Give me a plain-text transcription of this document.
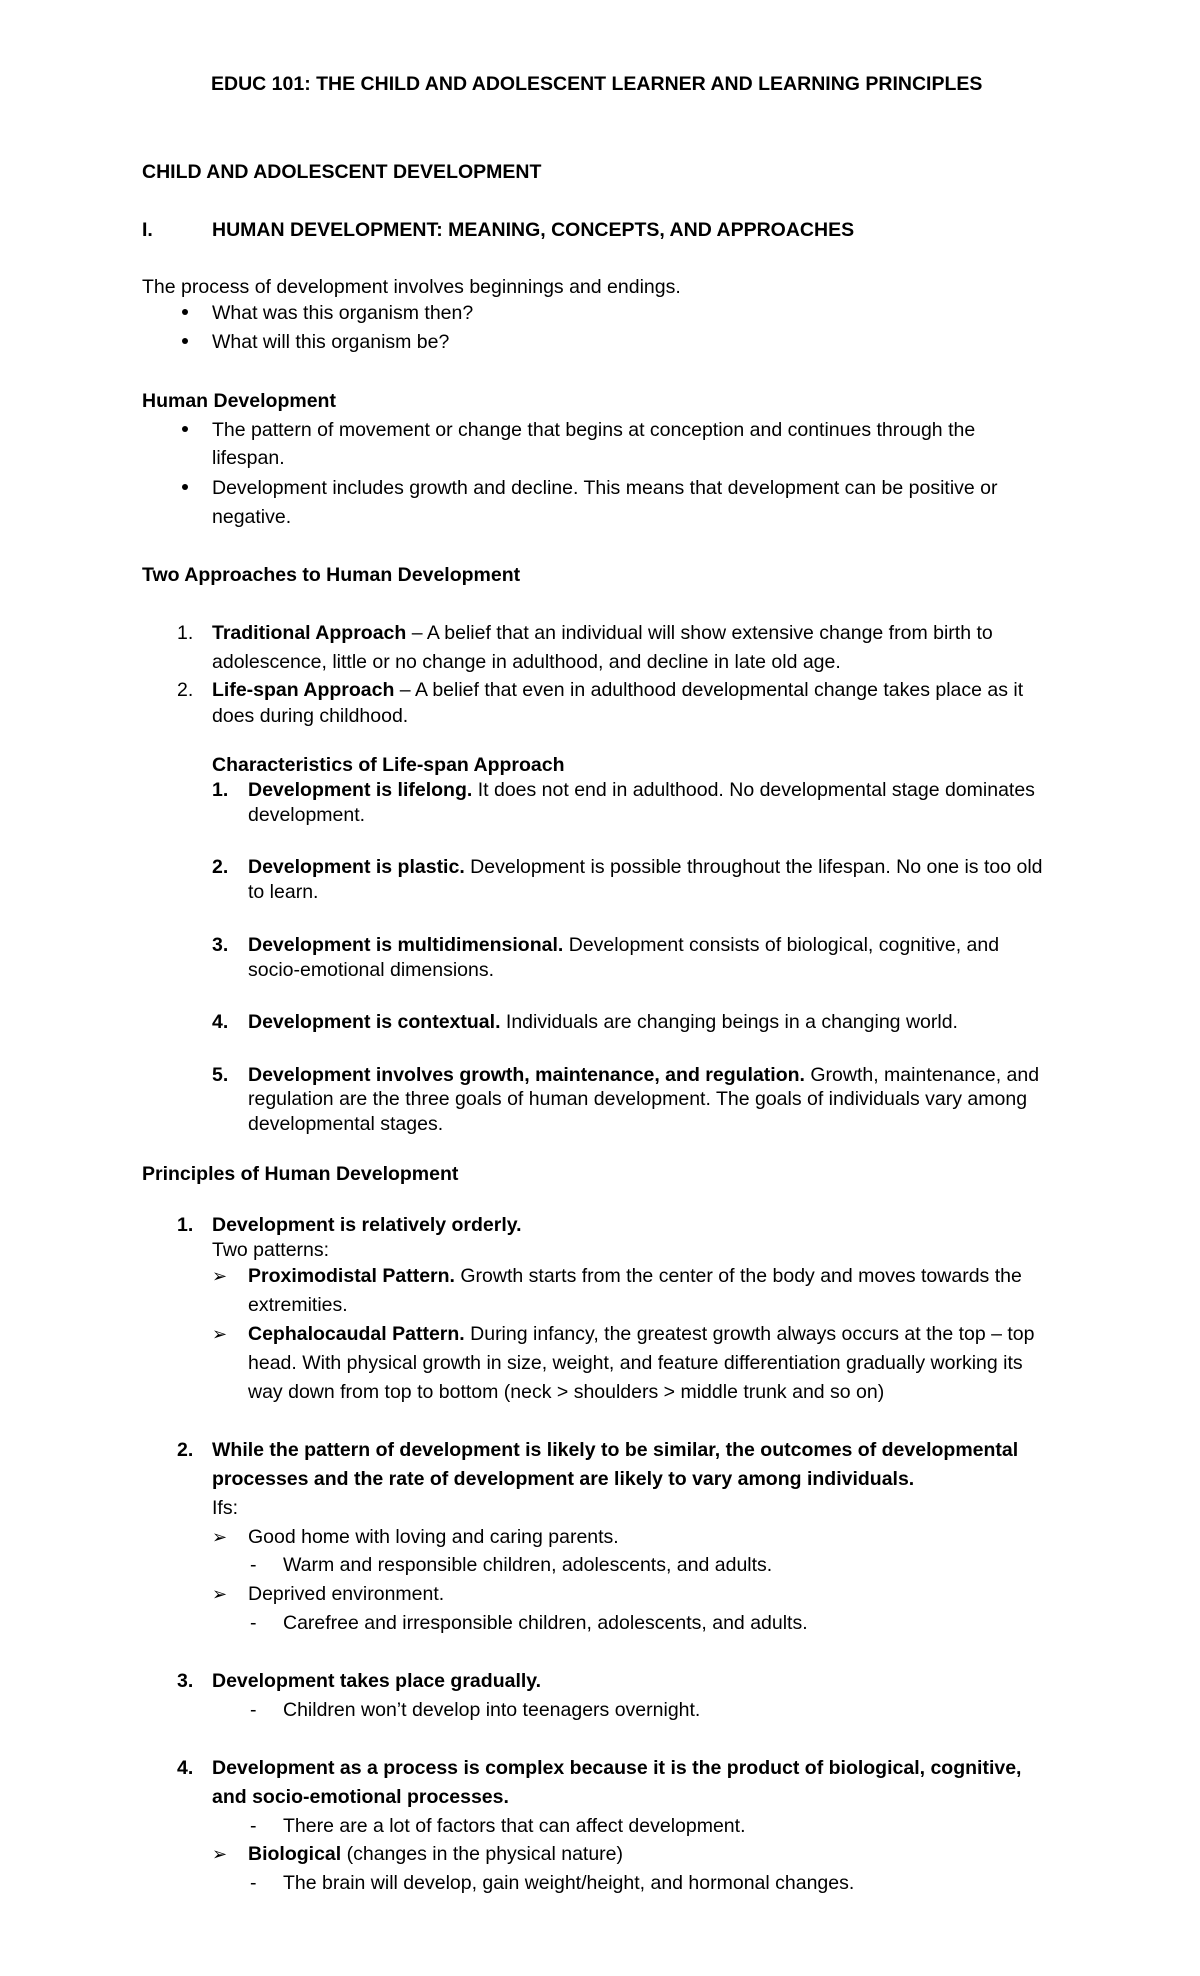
EDUC 101: THE CHILD AND ADOLESCENT LEARNER AND LEARNING PRINCIPLES
CHILD AND ADOLESCENT DEVELOPMENT
I.	HUMAN DEVELOPMENT: MEANING, CONCEPTS, AND APPROACHES
The process of development involves beginnings and endings.
What was this organism then?
What will this organism be?
Human Development
The pattern of movement or change that begins at conception and continues through the
lifespan.
Development includes growth and decline. This means that development can be positive or
negative.
Two Approaches to Human Development
1. Traditional Approach – A belief that an individual will show extensive change from birth to
adolescence, little or no change in adulthood, and decline in late old age.
2. Life-span Approach – A belief that even in adulthood developmental change takes place as it
does during childhood.
Characteristics of Life-span Approach
1. Development is lifelong. It does not end in adulthood. No developmental stage dominates
development.
2. Development is plastic. Development is possible throughout the lifespan. No one is too old
to learn.
3. Development is multidimensional. Development consists of biological, cognitive, and
socio-emotional dimensions.
4. Development is contextual. Individuals are changing beings in a changing world.
5. Development involves growth, maintenance, and regulation. Growth, maintenance, and
regulation are the three goals of human development. The goals of individuals vary among
developmental stages.
Principles of Human Development
1. Development is relatively orderly.
Two patterns:
➢ Proximodistal Pattern. Growth starts from the center of the body and moves towards the
extremities.
➢ Cephalocaudal Pattern. During infancy, the greatest growth always occurs at the top – top
head. With physical growth in size, weight, and feature differentiation gradually working its
way down from top to bottom (neck > shoulders > middle trunk and so on)
2. While the pattern of development is likely to be similar, the outcomes of developmental
processes and the rate of development are likely to vary among individuals.
Ifs:
➢ Good home with loving and caring parents.
- Warm and responsible children, adolescents, and adults.
➢ Deprived environment.
- Carefree and irresponsible children, adolescents, and adults.
3. Development takes place gradually.
- Children won’t develop into teenagers overnight.
4. Development as a process is complex because it is the product of biological, cognitive,
and socio-emotional processes.
- There are a lot of factors that can affect development.
➢ Biological (changes in the physical nature)
- The brain will develop, gain weight/height, and hormonal changes.
